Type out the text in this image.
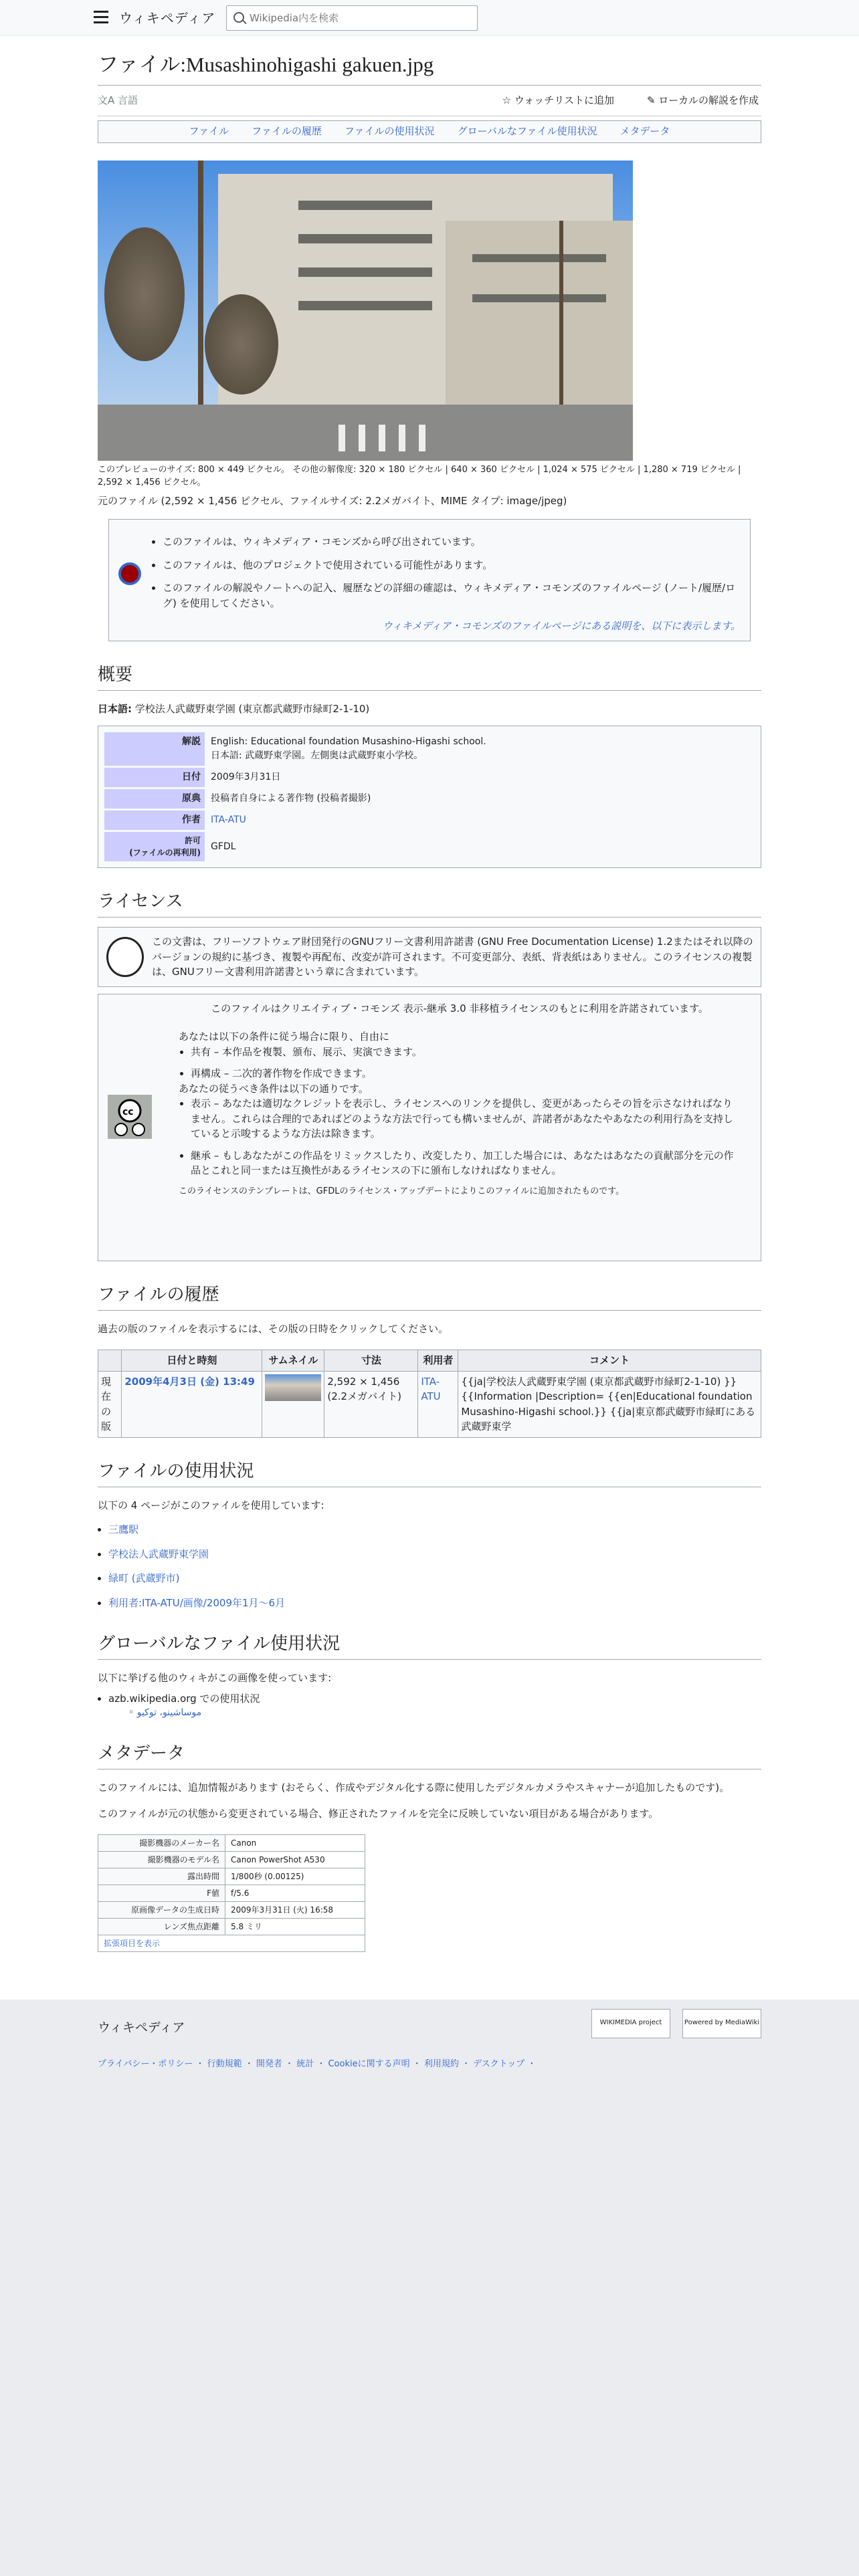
ウィキペディア
Wikipedia内を検索
ファイル:Musashinohigashi gakuen.jpg
文A 言語	☆ ウォッチリストに追加	✎ ローカルの解説を作成
ファイル ファイルの履歴 ファイルの使用状況 グローバルなファイル使用状況 メタデータ
このプレビューのサイズ: 800 × 449 ピクセル。 その他の解像度: 320 × 180 ピクセル | 640 × 360 ピクセル | 1,024 × 575 ピクセル | 1,280 × 719 ピクセル | 2,592 × 1,456 ピクセル。
元のファイル (2,592 × 1,456 ピクセル、ファイルサイズ: 2.2メガバイト、MIME タイプ: image/jpeg)
• このファイルは、ウィキメディア・コモンズから呼び出されています。
• このファイルは、他のプロジェクトで使用されている可能性があります。
• このファイルの解説やノートへの記入、履歴などの詳細の確認は、ウィキメディア・コモンズのファイルページ (ノート/履歴/ログ) を使用してください。
ウィキメディア・コモンズのファイルページにある説明を、以下に表示します。
概要
日本語: 学校法人武蔵野東学園 (東京都武蔵野市緑町2-1-10)
解説	English: Educational foundation Musashino-Higashi school.
日本語: 武蔵野東学園。左側奥は武蔵野東小学校。
日付	2009年3月31日
原典	投稿者自身による著作物 (投稿者撮影)
作者	ITA-ATU
許可
(ファイルの再利用)	GFDL
ライセンス
この文書は、フリーソフトウェア財団発行のGNUフリー文書利用許諾書 (GNU Free Documentation License) 1.2またはそれ以降のバージョンの規約に基づき、複製や再配布、改変が許可されます。不可変更部分、表紙、背表紙はありません。このライセンスの複製は、GNUフリー文書利用許諾書という章に含まれています。
cc
このファイルはクリエイティブ・コモンズ 表示-継承 3.0 非移植ライセンスのもとに利用を許諾されています。
あなたは以下の条件に従う場合に限り、自由に
• 共有 – 本作品を複製、頒布、展示、実演できます。
• 再構成 – 二次的著作物を作成できます。
あなたの従うべき条件は以下の通りです。
• 表示 – あなたは適切なクレジットを表示し、ライセンスへのリンクを提供し、変更があったらその旨を示さなければなりません。これらは合理的であればどのような方法で行っても構いませんが、許諾者があなたやあなたの利用行為を支持していると示唆するような方法は除きます。
• 継承 – もしあなたがこの作品をリミックスしたり、改変したり、加工した場合には、あなたはあなたの貢献部分を元の作品とこれと同一または互換性があるライセンスの下に頒布しなければなりません。
このライセンスのテンプレートは、GFDLのライセンス・アップデートによりこのファイルに追加されたものです。
ファイルの履歴
過去の版のファイルを表示するには、その版の日時をクリックしてください。
	日付と時刻	サムネイル	寸法	利用者	コメント
現在の版	2009年4月3日 (金) 13:49		2,592 × 1,456 (2.2メガバイト)	ITA-ATU	{{ja|学校法人武蔵野東学園 (東京都武蔵野市緑町2-1-10) }} {{Information |Description= {{en|Educational foundation Musashino-Higashi school.}} {{ja|東京都武蔵野市緑町にある武蔵野東学
ファイルの使用状況
以下の 4 ページがこのファイルを使用しています:
• 三鷹駅
• 学校法人武蔵野東学園
• 緑町 (武蔵野市)
• 利用者:ITA-ATU/画像/2009年1月〜6月
グローバルなファイル使用状況
以下に挙げる他のウィキがこの画像を使っています:
• azb.wikipedia.org での使用状況
◦ موساشینو، توکیو
メタデータ
このファイルには、追加情報があります (おそらく、作成やデジタル化する際に使用したデジタルカメラやスキャナーが追加したものです)。
このファイルが元の状態から変更されている場合、修正されたファイルを完全に反映していない項目がある場合があります。
撮影機器のメーカー名	Canon
撮影機器のモデル名	Canon PowerShot A530
露出時間	1/800秒 (0.00125)
F値	f/5.6
原画像データの生成日時	2009年3月31日 (火) 16:58
レンズ焦点距離	5.8 ミリ
拡張項目を表示	
ウィキペディア	WIKIMEDIA project	Powered by MediaWiki
プライバシー・ポリシー ・ 行動規範 ・ 開発者 ・ 統計 ・ Cookieに関する声明 ・ 利用規約 ・ デスクトップ ・
